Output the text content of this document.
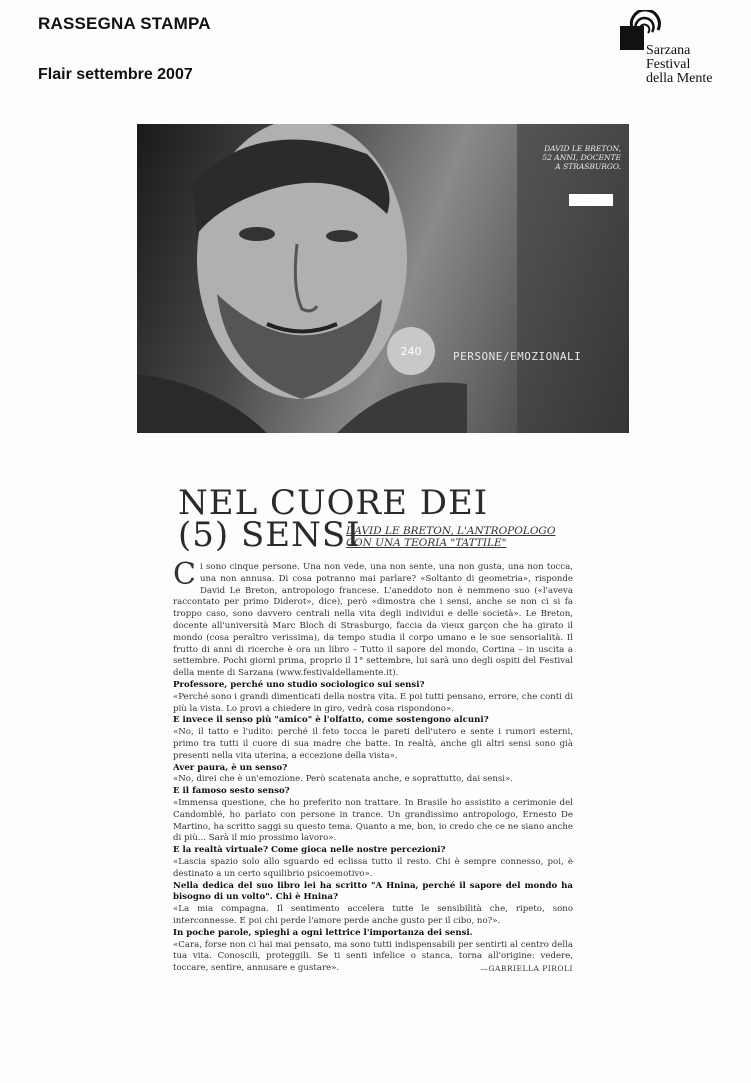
RASSEGNA STAMPA
Flair settembre 2007
Sarzana
Festival
della Mente
DAVID LE BRETON, 52 ANNI, DOCENTE A STRASBURGO.
240	PERSONE/EMOZIONALI
NEL CUORE DEI
(5) SENSI
DAVID LE BRETON, L'ANTROPOLOGO
CON UNA TEORIA "TATTILE"

Ci sono cinque persone. Una non vede, una non sente, una non gusta, una non tocca, una non annusa. Di cosa potranno mai parlare? «Soltanto di geometria», risponde David Le Breton, antropologo francese. L'aneddoto non è nemmeno suo («l'aveva raccontato per primo Diderot», dice), però «dimostra che i sensi, anche se non ci si fa troppo caso, sono davvero centrali nella vita degli individui e delle società». Le Breton, docente all'università Marc Bloch di Strasburgo, faccia da vieux garçon che ha girato il mondo (cosa peraltro verissima), da tempo studia il corpo umano e le sue sensorialità. Il frutto di anni di ricerche è ora un libro – Tutto il sapore del mondo, Cortina – in uscita a settembre. Pochi giorni prima, proprio il 1° settembre, lui sarà uno degli ospiti del Festival della mente di Sarzana (www.festivaldellamente.it).

Professore, perché uno studio sociologico sui sensi?

«Perché sono i grandi dimenticati della nostra vita. E poi tutti pensano, errore, che conti di più la vista. Lo provi a chiedere in giro, vedrà cosa rispondono».

E invece il senso più "amico" è l'olfatto, come sostengono alcuni?

«No, il tatto e l'udito: perché il feto tocca le pareti dell'utero e sente i rumori esterni, primo tra tutti il cuore di sua madre che batte. In realtà, anche gli altri sensi sono già presenti nella vita uterina, a eccezione della vista».

Aver paura, è un senso?

«No, direi che è un'emozione. Però scatenata anche, e soprattutto, dai sensi».

E il famoso sesto senso?

«Immensa questione, che ho preferito non trattare. In Brasile ho assistito a cerimonie del Candomblé, ho parlato con persone in trance. Un grandissimo antropologo, Ernesto De Martino, ha scritto saggi su questo tema. Quanto a me, bon, io credo che ce ne siano anche di più... Sarà il mio prossimo lavoro».

E la realtà virtuale? Come gioca nelle nostre percezioni?

«Lascia spazio solo allo sguardo ed eclissa tutto il resto. Chi è sempre connesso, poi, è destinato a un certo squilibrio psicoemotivo».

Nella dedica del suo libro lei ha scritto "A Hnina, perché il sapore del mondo ha bisogno di un volto". Chi è Hnina?

«La mia compagna. Il sentimento accelera tutte le sensibilità che, ripeto, sono interconnesse. E poi chi perde l'amore perde anche gusto per il cibo, no?».

In poche parole, spieghi a ogni lettrice l'importanza dei sensi.

«Cara, forse non ci hai mai pensato, ma sono tutti indispensabili per sentirti al centro della tua vita. Conoscili, proteggili. Se ti senti infelice o stanca, torna all'origine: vedere, toccare, sentire, annusare e gustare».	—GABRIELLA PIROLI
